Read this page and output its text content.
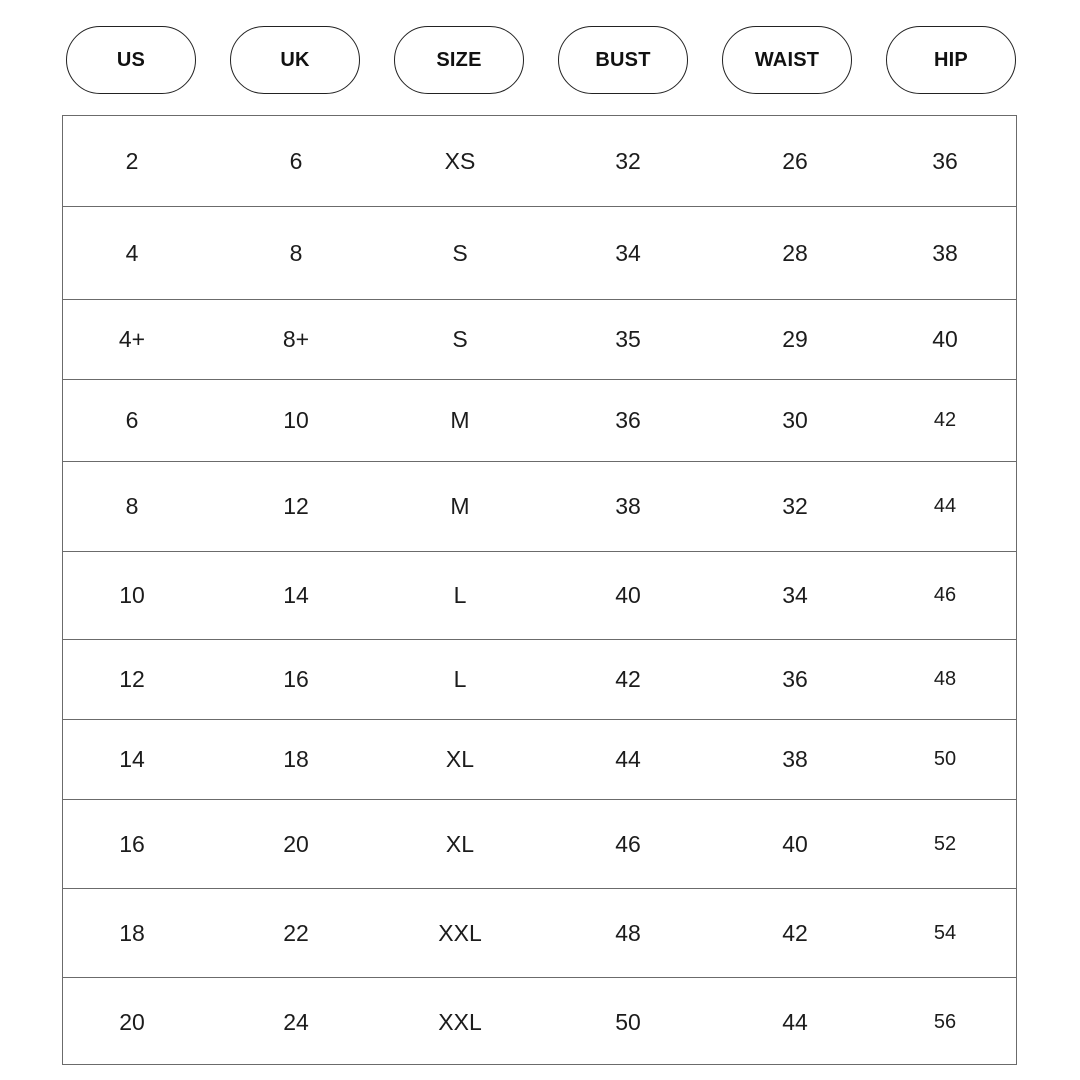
US	UK	SIZE	BUST	WAIST	HIP
2	6	XS	32	26	36
4	8	S	34	28	38
4+	8+	S	35	29	40
6	10	M	36	30	42
8	12	M	38	32	44
10	14	L	40	34	46
12	16	L	42	36	48
14	18	XL	44	38	50
16	20	XL	46	40	52
18	22	XXL	48	42	54
20	24	XXL	50	44	56
